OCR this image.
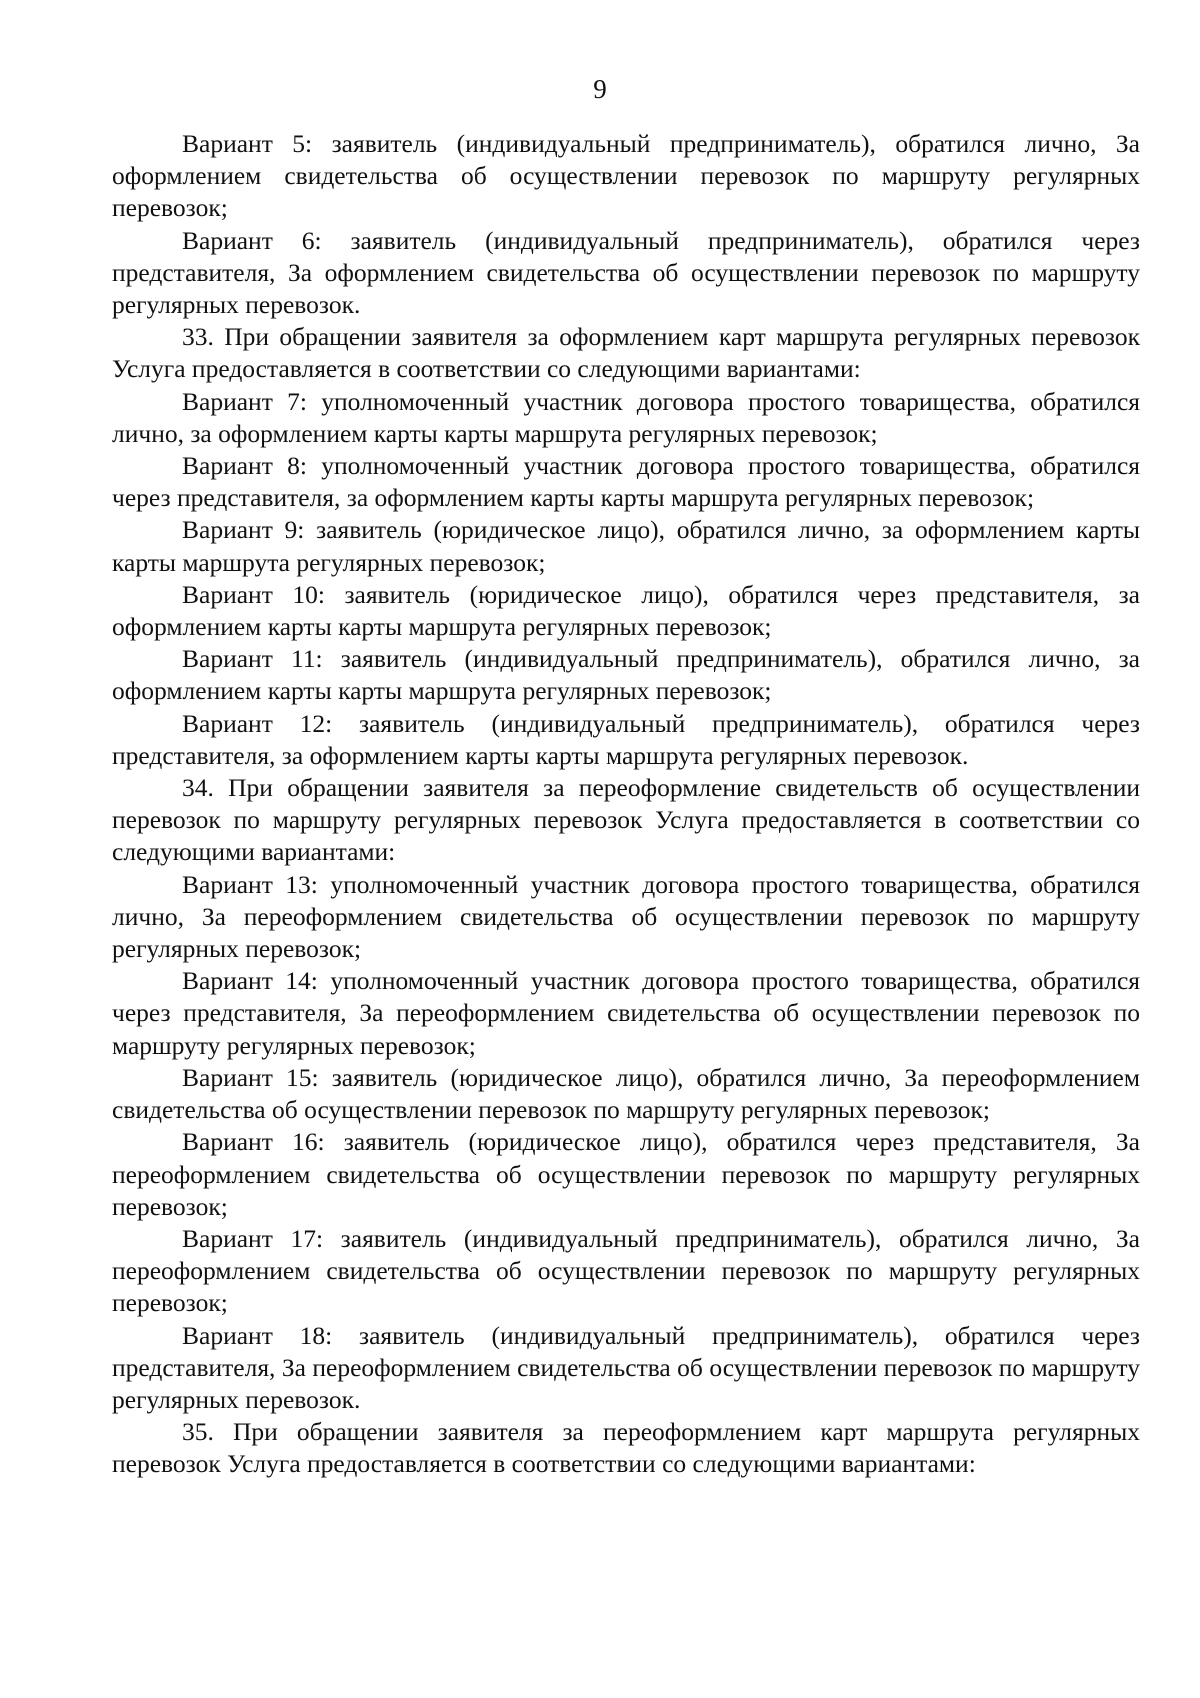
9

Вариант 5: заявитель (индивидуальный предприниматель), обратился лично, За оформлением свидетельства об осуществлении перевозок по маршруту регулярных перевозок;

Вариант 6: заявитель (индивидуальный предприниматель), обратился через представителя, За оформлением свидетельства об осуществлении перевозок по маршруту регулярных перевозок.

33. При обращении заявителя за оформлением карт маршрута регулярных перевозок Услуга предоставляется в соответствии со следующими вариантами:

Вариант 7: уполномоченный участник договора простого товарищества, обратился лично, за оформлением карты карты маршрута регулярных перевозок;

Вариант 8: уполномоченный участник договора простого товарищества, обратился через представителя, за оформлением карты карты маршрута регулярных перевозок;

Вариант 9: заявитель (юридическое лицо), обратился лично, за оформлением карты карты маршрута регулярных перевозок;

Вариант 10: заявитель (юридическое лицо), обратился через представителя, за оформлением карты карты маршрута регулярных перевозок;

Вариант 11: заявитель (индивидуальный предприниматель), обратился лично, за оформлением карты карты маршрута регулярных перевозок;

Вариант 12: заявитель (индивидуальный предприниматель), обратился через представителя, за оформлением карты карты маршрута регулярных перевозок.

34. При обращении заявителя за переоформление свидетельств об осуществлении перевозок по маршруту регулярных перевозок Услуга предоставляется в соответствии со следующими вариантами:

Вариант 13: уполномоченный участник договора простого товарищества, обратился лично, За переоформлением свидетельства об осуществлении перевозок по маршруту регулярных перевозок;

Вариант 14: уполномоченный участник договора простого товарищества, обратился через представителя, За переоформлением свидетельства об осуществлении перевозок по маршруту регулярных перевозок;

Вариант 15: заявитель (юридическое лицо), обратился лично, За переоформлением свидетельства об осуществлении перевозок по маршруту регулярных перевозок;

Вариант 16: заявитель (юридическое лицо), обратился через представителя, За переоформлением свидетельства об осуществлении перевозок по маршруту регулярных перевозок;

Вариант 17: заявитель (индивидуальный предприниматель), обратился лично, За переоформлением свидетельства об осуществлении перевозок по маршруту регулярных перевозок;

Вариант 18: заявитель (индивидуальный предприниматель), обратился через представителя, За переоформлением свидетельства об осуществлении перевозок по маршруту регулярных перевозок.

35. При обращении заявителя за переоформлением карт маршрута регулярных перевозок Услуга предоставляется в соответствии со следующими вариантами:
